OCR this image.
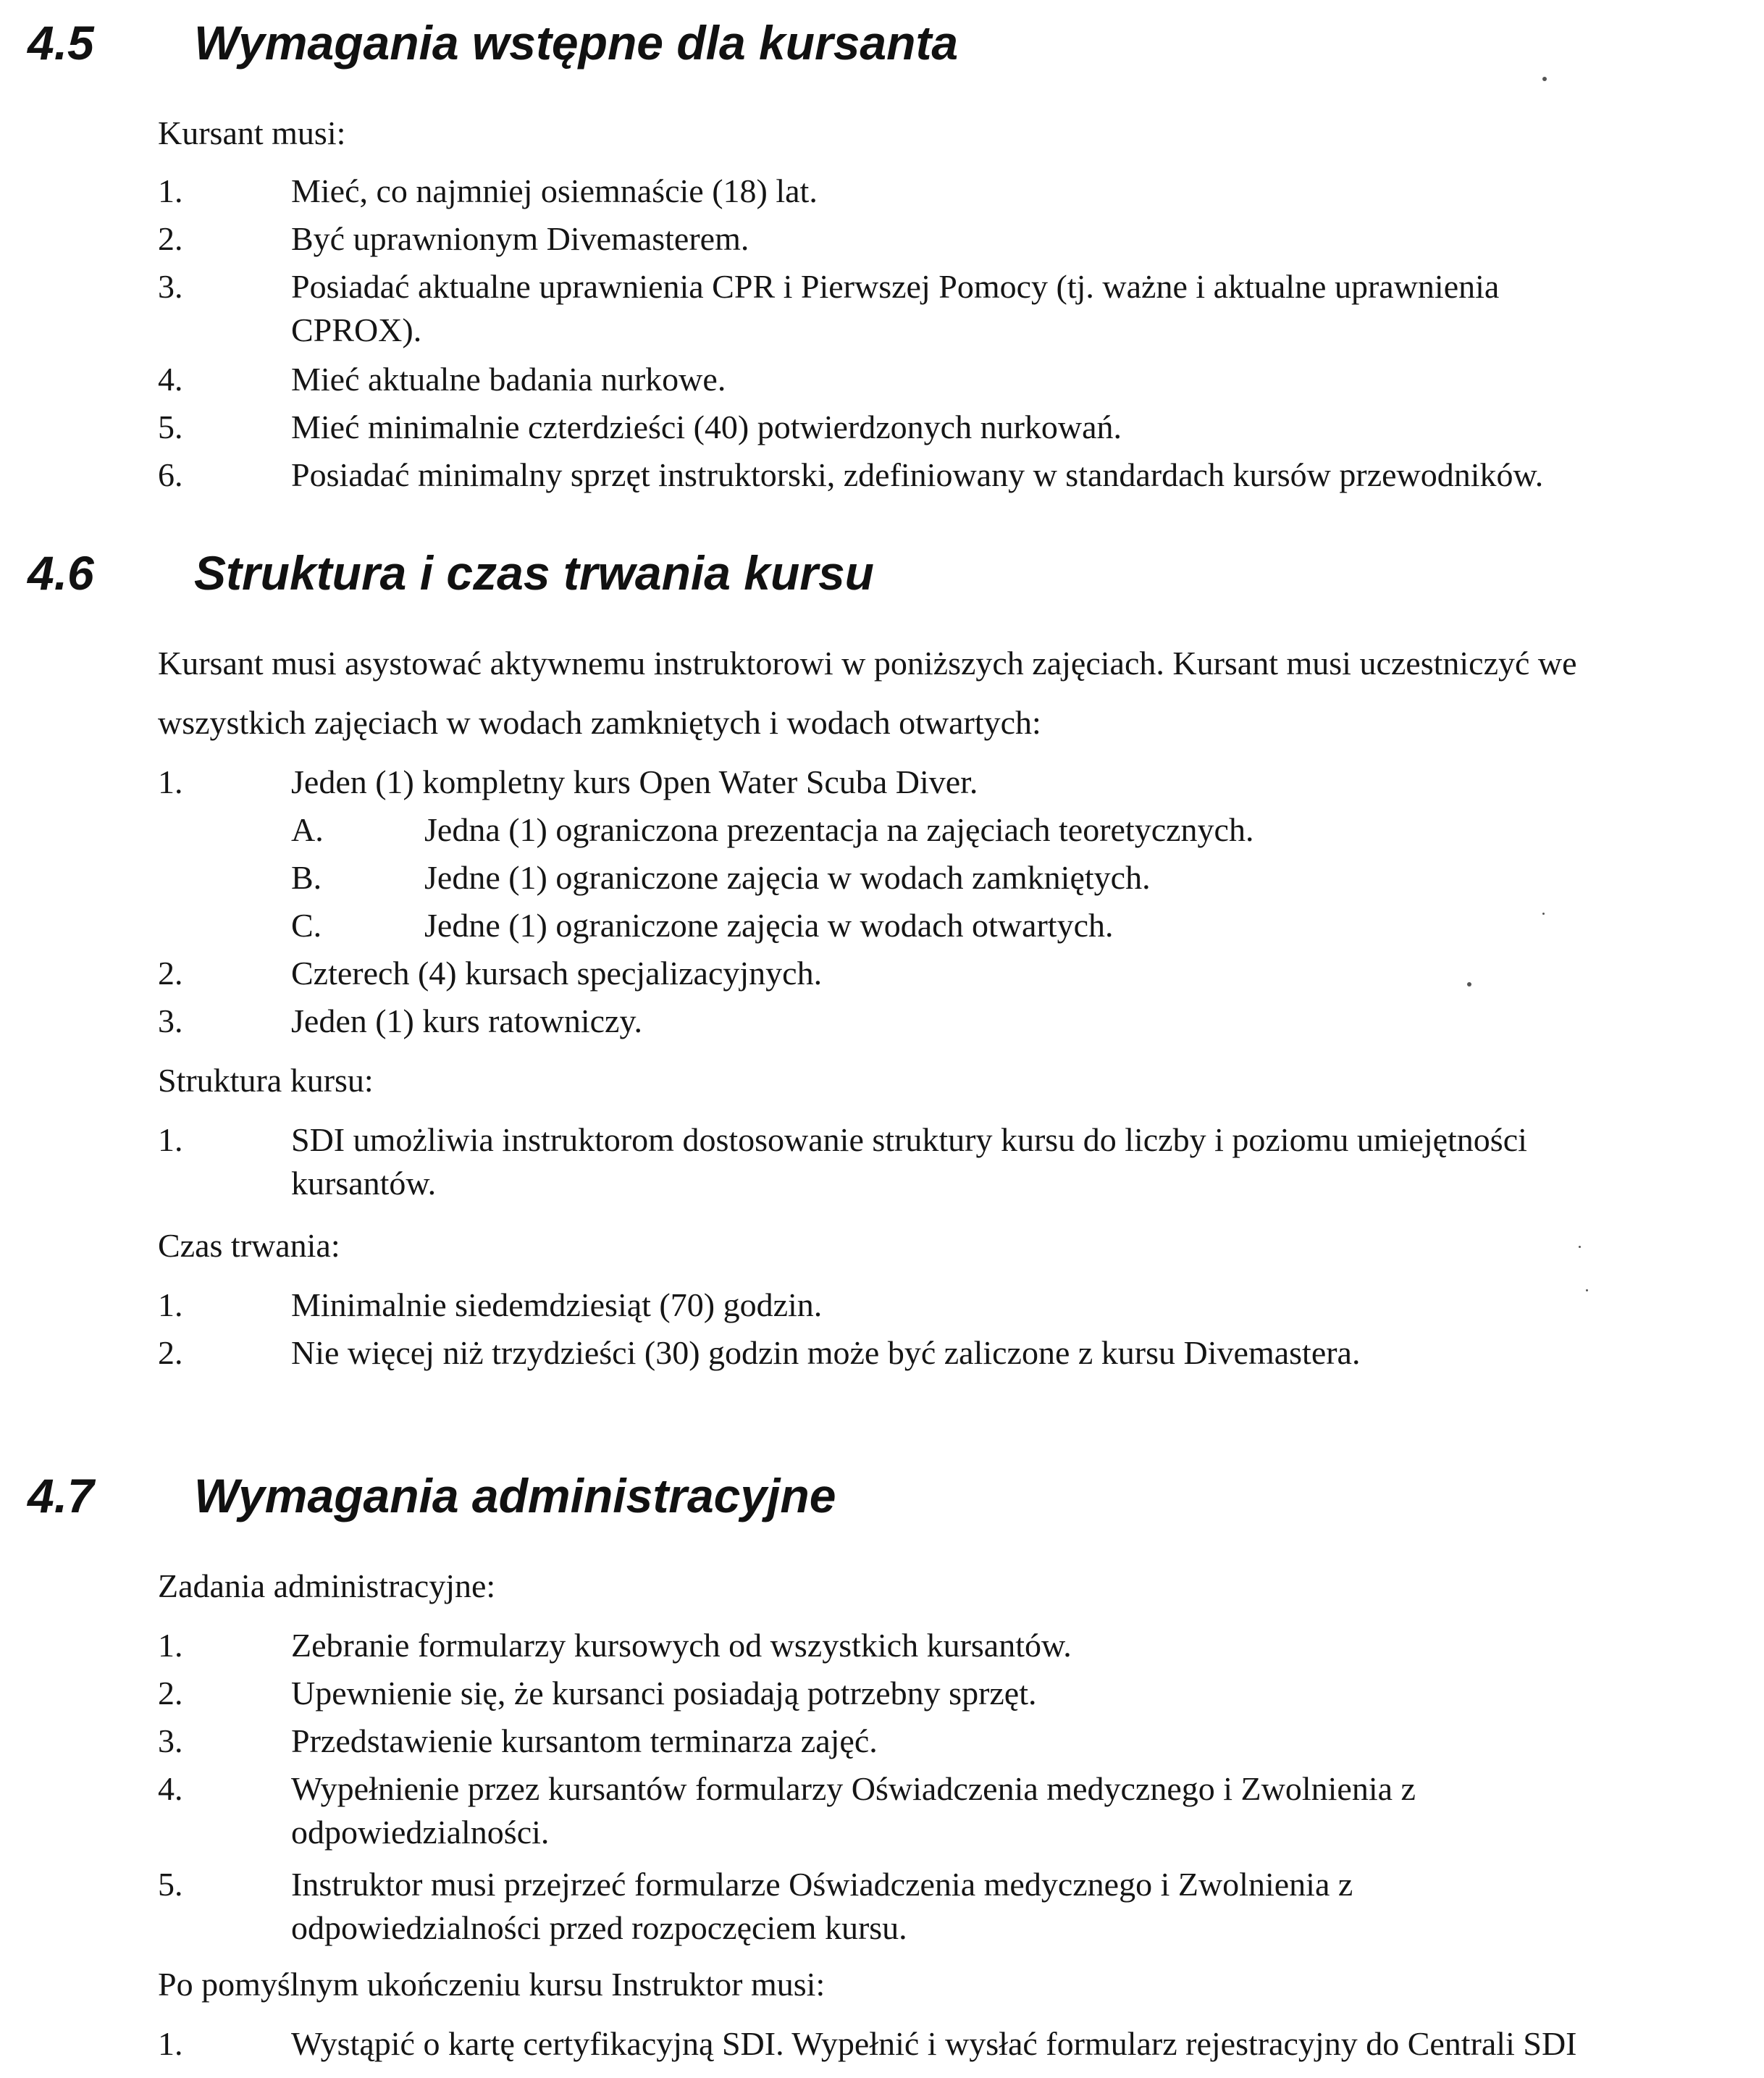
4.5 Wymagania wstępne dla kursanta
Kursant musi:
1.	Mieć, co najmniej osiemnaście (18) lat.
2.	Być uprawnionym Divemasterem.
3.	Posiadać aktualne uprawnienia CPR i Pierwszej Pomocy (tj. ważne i aktualne uprawnienia
CPROX).
4.	Mieć aktualne badania nurkowe.
5.	Mieć minimalnie czterdzieści (40) potwierdzonych nurkowań.
6.	Posiadać minimalny sprzęt instruktorski, zdefiniowany w standardach kursów przewodników.
4.6 Struktura i czas trwania kursu
Kursant musi asystować aktywnemu instruktorowi w poniższych zajęciach. Kursant musi uczestniczyć we
wszystkich zajęciach w wodach zamkniętych i wodach otwartych:
1.	Jeden (1) kompletny kurs Open Water Scuba Diver.
A.	Jedna (1) ograniczona prezentacja na zajęciach teoretycznych.
B.	Jedne (1) ograniczone zajęcia w wodach zamkniętych.
C.	Jedne (1) ograniczone zajęcia w wodach otwartych.
2.	Czterech (4) kursach specjalizacyjnych.
3.	Jeden (1) kurs ratowniczy.
Struktura kursu:
1.	SDI umożliwia instruktorom dostosowanie struktury kursu do liczby i poziomu umiejętności
kursantów.
Czas trwania:
1.	Minimalnie siedemdziesiąt (70) godzin.
2.	Nie więcej niż trzydzieści (30) godzin może być zaliczone z kursu Divemastera.
4.7 Wymagania administracyjne
Zadania administracyjne:
1.	Zebranie formularzy kursowych od wszystkich kursantów.
2.	Upewnienie się, że kursanci posiadają potrzebny sprzęt.
3.	Przedstawienie kursantom terminarza zajęć.
4.	Wypełnienie przez kursantów formularzy Oświadczenia medycznego i Zwolnienia z
odpowiedzialności.
5.	Instruktor musi przejrzeć formularze Oświadczenia medycznego i Zwolnienia z
odpowiedzialności przed rozpoczęciem kursu.
Po pomyślnym ukończeniu kursu Instruktor musi:
1.	Wystąpić o kartę certyfikacyjną SDI. Wypełnić i wysłać formularz rejestracyjny do Centrali SDI
